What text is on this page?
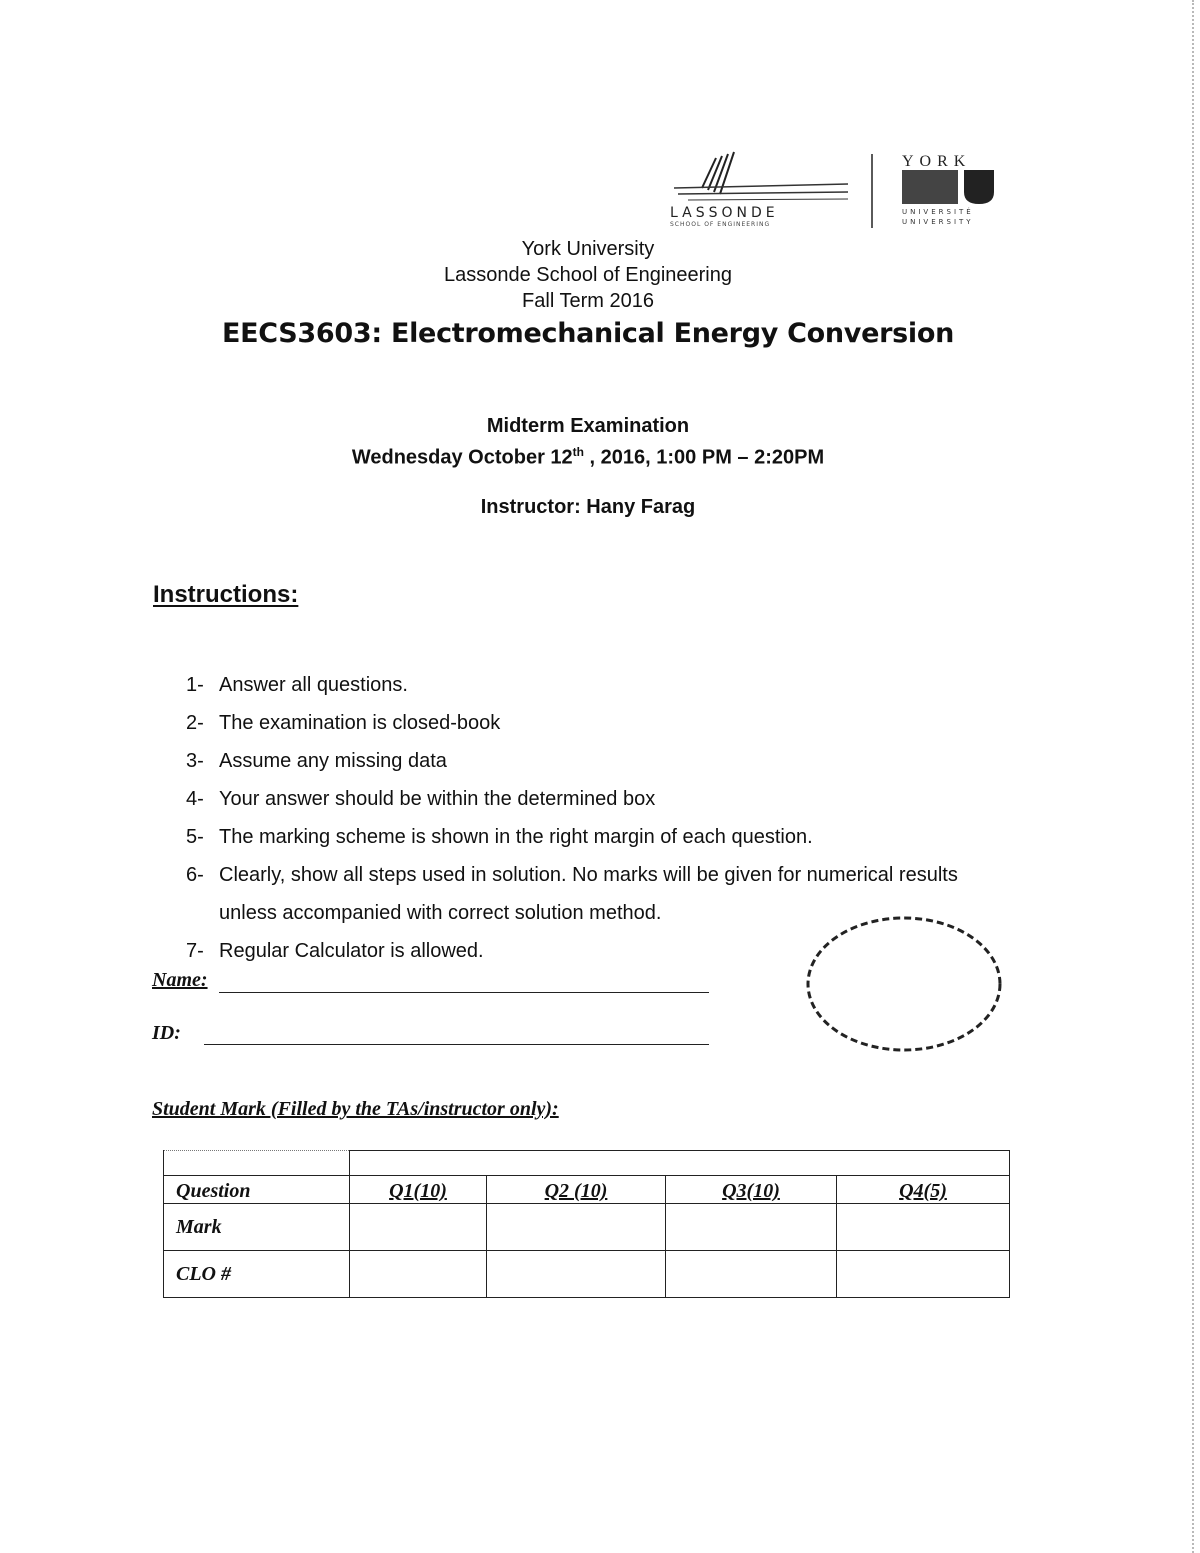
LASSONDE
SCHOOL OF ENGINEERING
YORK
UNIVERSITÉ
UNIVERSITY
York University
Lassonde School of Engineering
Fall Term 2016
EECS3603: Electromechanical Energy Conversion
Midterm Examination
Wednesday October 12th , 2016, 1:00 PM – 2:20PM
Instructor: Hany Farag
Instructions:
1- Answer all questions.
2- The examination is closed-book
3- Assume any missing data
4- Your answer should be within the determined box
5- The marking scheme is shown in the right margin of each question.
6- Clearly, show all steps used in solution. No marks will be given for numerical results unless accompanied with correct solution method.
7- Regular Calculator is allowed.
Name:
ID:
Student Mark (Filled by the TAs/instructor only):

Question	Q1(10)	Q2 (10)	Q3(10)	Q4(5)
Mark				
CLO #				
